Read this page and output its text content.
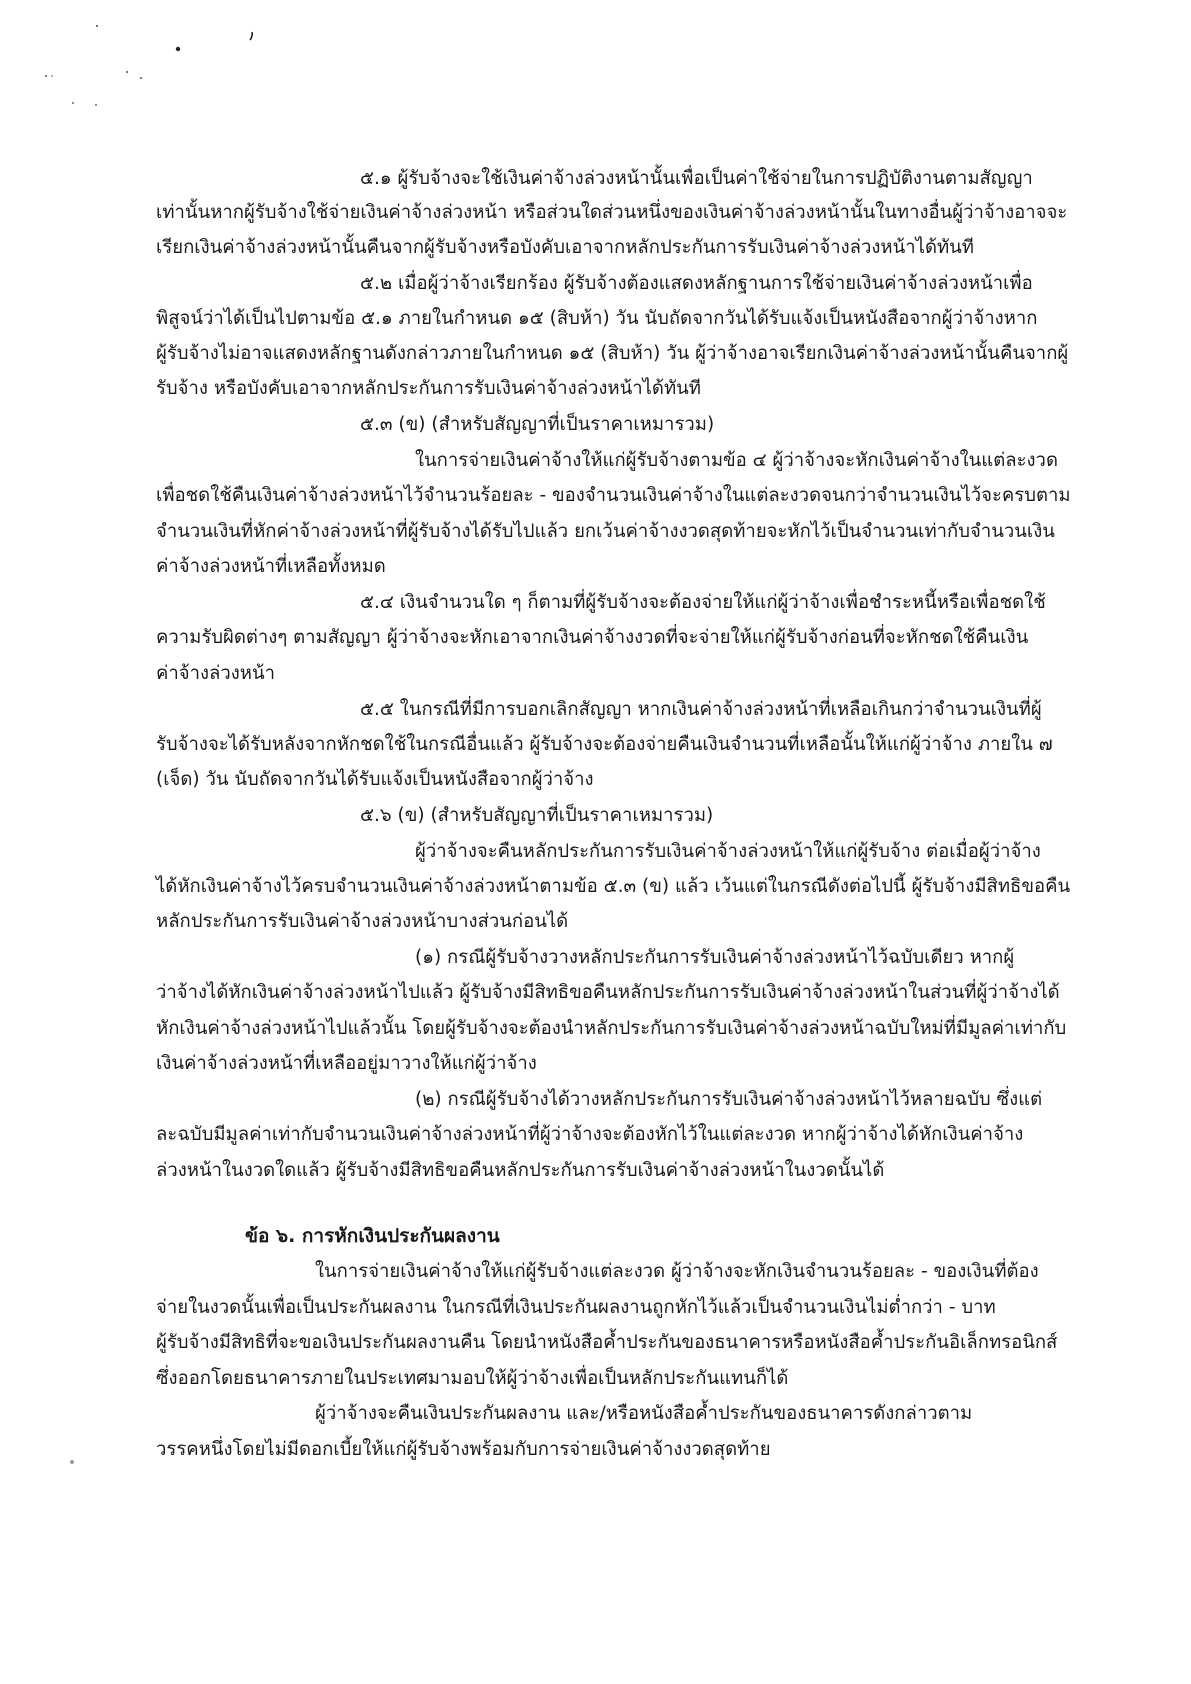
๕.๑ ผู้รับจ้างจะใช้เงินค่าจ้างล่วงหน้านั้นเพื่อเป็นค่าใช้จ่ายในการปฏิบัติงานตามสัญญา
เท่านั้นหากผู้รับจ้างใช้จ่ายเงินค่าจ้างล่วงหน้า หรือส่วนใดส่วนหนึ่งของเงินค่าจ้างล่วงหน้านั้นในทางอื่นผู้ว่าจ้างอาจจะ
เรียกเงินค่าจ้างล่วงหน้านั้นคืนจากผู้รับจ้างหรือบังคับเอาจากหลักประกันการรับเงินค่าจ้างล่วงหน้าได้ทันที
๕.๒ เมื่อผู้ว่าจ้างเรียกร้อง ผู้รับจ้างต้องแสดงหลักฐานการใช้จ่ายเงินค่าจ้างล่วงหน้าเพื่อ
พิสูจน์ว่าได้เป็นไปตามข้อ ๕.๑ ภายในกำหนด ๑๕ (สิบห้า) วัน นับถัดจากวันได้รับแจ้งเป็นหนังสือจากผู้ว่าจ้างหาก
ผู้รับจ้างไม่อาจแสดงหลักฐานดังกล่าวภายในกำหนด ๑๕ (สิบห้า) วัน ผู้ว่าจ้างอาจเรียกเงินค่าจ้างล่วงหน้านั้นคืนจากผู้
รับจ้าง หรือบังคับเอาจากหลักประกันการรับเงินค่าจ้างล่วงหน้าได้ทันที
๕.๓ (ข) (สำหรับสัญญาที่เป็นราคาเหมารวม)
ในการจ่ายเงินค่าจ้างให้แก่ผู้รับจ้างตามข้อ ๔ ผู้ว่าจ้างจะหักเงินค่าจ้างในแต่ละงวด
เพื่อชดใช้คืนเงินค่าจ้างล่วงหน้าไว้จำนวนร้อยละ - ของจำนวนเงินค่าจ้างในแต่ละงวดจนกว่าจำนวนเงินไว้จะครบตาม
จำนวนเงินที่หักค่าจ้างล่วงหน้าที่ผู้รับจ้างได้รับไปแล้ว ยกเว้นค่าจ้างงวดสุดท้ายจะหักไว้เป็นจำนวนเท่ากับจำนวนเงิน
ค่าจ้างล่วงหน้าที่เหลือทั้งหมด
๕.๔ เงินจำนวนใด ๆ ก็ตามที่ผู้รับจ้างจะต้องจ่ายให้แก่ผู้ว่าจ้างเพื่อชำระหนี้หรือเพื่อชดใช้
ความรับผิดต่างๆ ตามสัญญา ผู้ว่าจ้างจะหักเอาจากเงินค่าจ้างงวดที่จะจ่ายให้แก่ผู้รับจ้างก่อนที่จะหักชดใช้คืนเงิน
ค่าจ้างล่วงหน้า
๕.๕ ในกรณีที่มีการบอกเลิกสัญญา หากเงินค่าจ้างล่วงหน้าที่เหลือเกินกว่าจำนวนเงินที่ผู้
รับจ้างจะได้รับหลังจากหักชดใช้ในกรณีอื่นแล้ว ผู้รับจ้างจะต้องจ่ายคืนเงินจำนวนที่เหลือนั้นให้แก่ผู้ว่าจ้าง ภายใน ๗
(เจ็ด) วัน นับถัดจากวันได้รับแจ้งเป็นหนังสือจากผู้ว่าจ้าง
๕.๖ (ข) (สำหรับสัญญาที่เป็นราคาเหมารวม)
ผู้ว่าจ้างจะคืนหลักประกันการรับเงินค่าจ้างล่วงหน้าให้แก่ผู้รับจ้าง ต่อเมื่อผู้ว่าจ้าง
ได้หักเงินค่าจ้างไว้ครบจำนวนเงินค่าจ้างล่วงหน้าตามข้อ ๕.๓ (ข) แล้ว เว้นแต่ในกรณีดังต่อไปนี้ ผู้รับจ้างมีสิทธิขอคืน
หลักประกันการรับเงินค่าจ้างล่วงหน้าบางส่วนก่อนได้
(๑) กรณีผู้รับจ้างวางหลักประกันการรับเงินค่าจ้างล่วงหน้าไว้ฉบับเดียว หากผู้
ว่าจ้างได้หักเงินค่าจ้างล่วงหน้าไปแล้ว ผู้รับจ้างมีสิทธิขอคืนหลักประกันการรับเงินค่าจ้างล่วงหน้าในส่วนที่ผู้ว่าจ้างได้
หักเงินค่าจ้างล่วงหน้าไปแล้วนั้น โดยผู้รับจ้างจะต้องนำหลักประกันการรับเงินค่าจ้างล่วงหน้าฉบับใหม่ที่มีมูลค่าเท่ากับ
เงินค่าจ้างล่วงหน้าที่เหลืออยู่มาวางให้แก่ผู้ว่าจ้าง
(๒) กรณีผู้รับจ้างได้วางหลักประกันการรับเงินค่าจ้างล่วงหน้าไว้หลายฉบับ ซึ่งแต่
ละฉบับมีมูลค่าเท่ากับจำนวนเงินค่าจ้างล่วงหน้าที่ผู้ว่าจ้างจะต้องหักไว้ในแต่ละงวด หากผู้ว่าจ้างได้หักเงินค่าจ้าง
ล่วงหน้าในงวดใดแล้ว ผู้รับจ้างมีสิทธิขอคืนหลักประกันการรับเงินค่าจ้างล่วงหน้าในงวดนั้นได้
ข้อ ๖. การหักเงินประกันผลงาน
ในการจ่ายเงินค่าจ้างให้แก่ผู้รับจ้างแต่ละงวด ผู้ว่าจ้างจะหักเงินจำนวนร้อยละ - ของเงินที่ต้อง
จ่ายในงวดนั้นเพื่อเป็นประกันผลงาน ในกรณีที่เงินประกันผลงานถูกหักไว้แล้วเป็นจำนวนเงินไม่ต่ำกว่า - บาท
ผู้รับจ้างมีสิทธิที่จะขอเงินประกันผลงานคืน โดยนำหนังสือค้ำประกันของธนาคารหรือหนังสือค้ำประกันอิเล็กทรอนิกส์
ซึ่งออกโดยธนาคารภายในประเทศมามอบให้ผู้ว่าจ้างเพื่อเป็นหลักประกันแทนก็ได้
ผู้ว่าจ้างจะคืนเงินประกันผลงาน และ/หรือหนังสือค้ำประกันของธนาคารดังกล่าวตาม
วรรคหนึ่งโดยไม่มีดอกเบี้ยให้แก่ผู้รับจ้างพร้อมกับการจ่ายเงินค่าจ้างงวดสุดท้าย
